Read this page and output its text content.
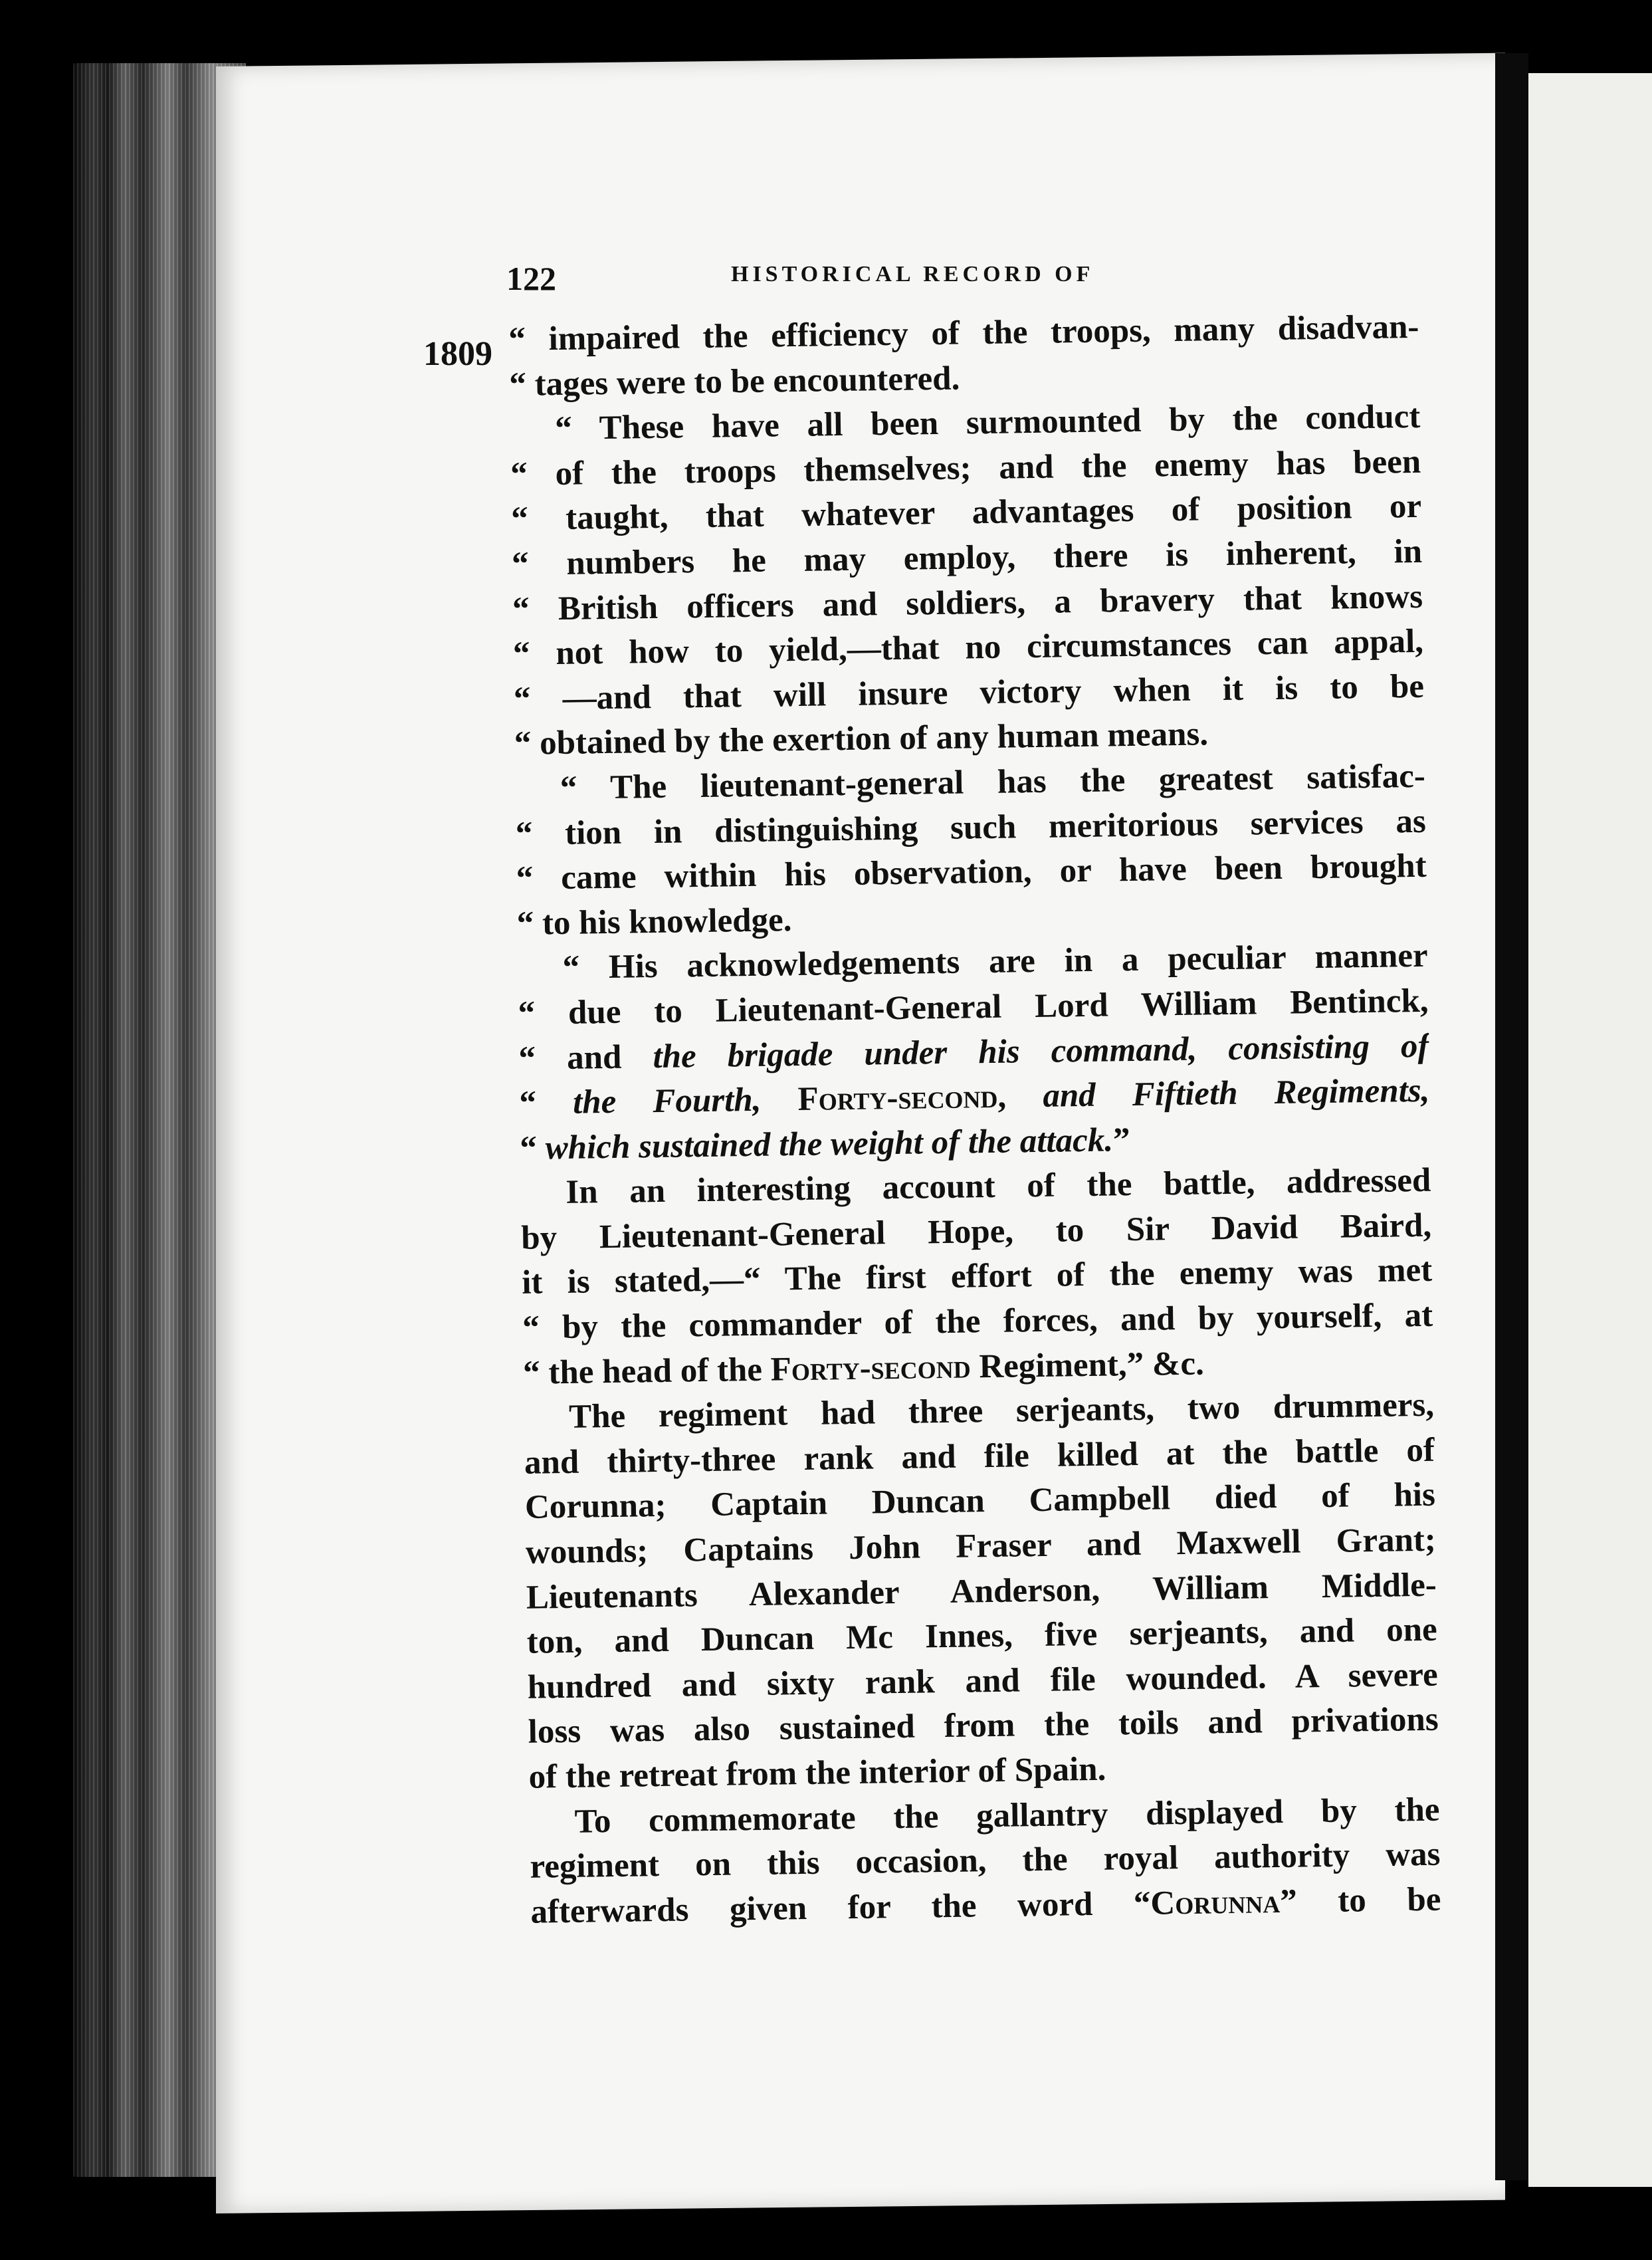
122	HISTORICAL RECORD OF
1809 “ impaired the efficiency of the troops, many disadvan-
“ tages were to be encountered.
“ These have all been surmounted by the conduct
“ of the troops themselves; and the enemy has been
“ taught, that whatever advantages of position or
“ numbers he may employ, there is inherent, in
“ British officers and soldiers, a bravery that knows
“ not how to yield,—that no circumstances can appal,
“ —and that will insure victory when it is to be
“ obtained by the exertion of any human means.
“ The lieutenant-general has the greatest satisfac-
“ tion in distinguishing such meritorious services as
“ came within his observation, or have been brought
“ to his knowledge.
“ His acknowledgements are in a peculiar manner
“ due to Lieutenant-General Lord William Bentinck,
“ and the brigade under his command, consisting of
“ the Fourth, Forty-second, and Fiftieth Regiments,
“ which sustained the weight of the attack.”
In an interesting account of the battle, addressed
by Lieutenant-General Hope, to Sir David Baird,
it is stated,—“ The first effort of the enemy was met
“ by the commander of the forces, and by yourself, at
“ the head of the Forty-second Regiment,” &c.
The regiment had three serjeants, two drummers,
and thirty-three rank and file killed at the battle of
Corunna; Captain Duncan Campbell died of his
wounds; Captains John Fraser and Maxwell Grant;
Lieutenants Alexander Anderson, William Middle-
ton, and Duncan Mc Innes, five serjeants, and one
hundred and sixty rank and file wounded. A severe
loss was also sustained from the toils and privations
of the retreat from the interior of Spain.
To commemorate the gallantry displayed by the
regiment on this occasion, the royal authority was
afterwards given for the word “Corunna” to be
